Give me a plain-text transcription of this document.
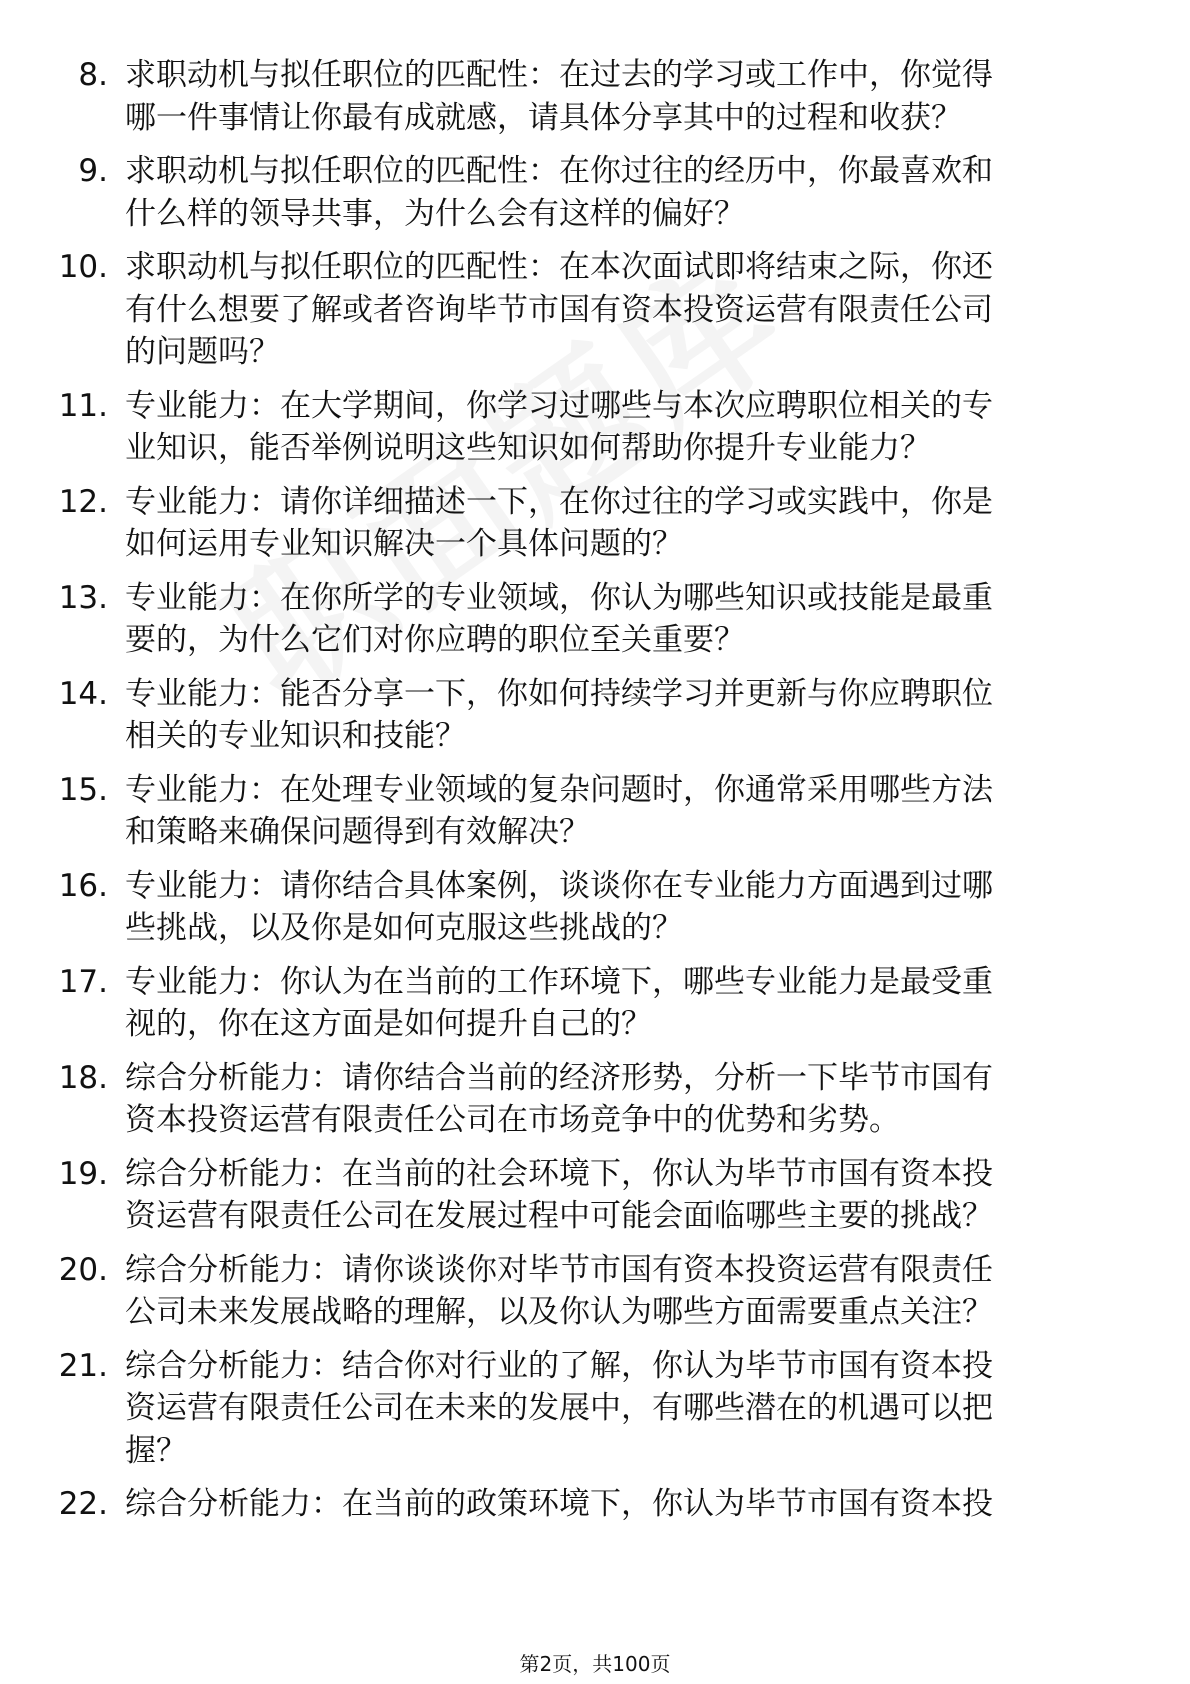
8. 求职动机与拟任职位的匹配性：在过去的学习或工作中，你觉得
哪一件事情让你最有成就感，请具体分享其中的过程和收获？
9. 求职动机与拟任职位的匹配性：在你过往的经历中，你最喜欢和
什么样的领导共事，为什么会有这样的偏好？
10. 求职动机与拟任职位的匹配性：在本次面试即将结束之际，你还
有什么想要了解或者咨询毕节市国有资本投资运营有限责任公司
的问题吗？
11. 专业能力：在大学期间，你学习过哪些与本次应聘职位相关的专
业知识，能否举例说明这些知识如何帮助你提升专业能力？
12. 专业能力：请你详细描述一下，在你过往的学习或实践中，你是
如何运用专业知识解决一个具体问题的？
13. 专业能力：在你所学的专业领域，你认为哪些知识或技能是最重
要的，为什么它们对你应聘的职位至关重要？
14. 专业能力：能否分享一下，你如何持续学习并更新与你应聘职位
相关的专业知识和技能？
15. 专业能力：在处理专业领域的复杂问题时，你通常采用哪些方法
和策略来确保问题得到有效解决？
16. 专业能力：请你结合具体案例，谈谈你在专业能力方面遇到过哪
些挑战，以及你是如何克服这些挑战的？
17. 专业能力：你认为在当前的工作环境下，哪些专业能力是最受重
视的，你在这方面是如何提升自己的？
18. 综合分析能力：请你结合当前的经济形势，分析一下毕节市国有
资本投资运营有限责任公司在市场竞争中的优势和劣势。
19. 综合分析能力：在当前的社会环境下，你认为毕节市国有资本投
资运营有限责任公司在发展过程中可能会面临哪些主要的挑战？
20. 综合分析能力：请你谈谈你对毕节市国有资本投资运营有限责任
公司未来发展战略的理解，以及你认为哪些方面需要重点关注？
21. 综合分析能力：结合你对行业的了解，你认为毕节市国有资本投
资运营有限责任公司在未来的发展中，有哪些潜在的机遇可以把
握？
22. 综合分析能力：在当前的政策环境下，你认为毕节市国有资本投
第2页，共100页
